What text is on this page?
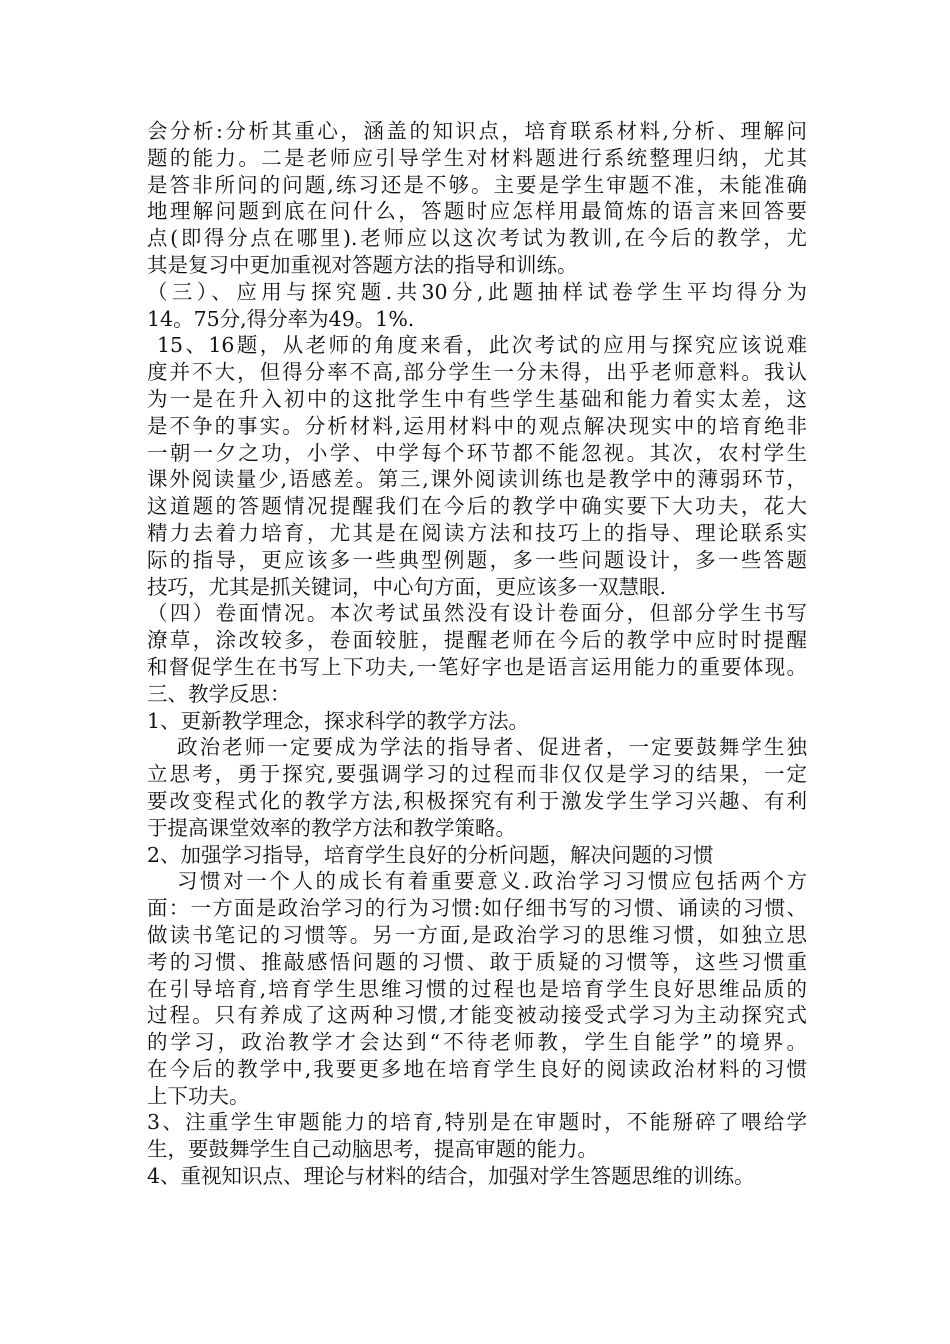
会分析:分析其重心，涵盖的知识点，培育联系材料,分析、理解问
题的能力。二是老师应引导学生对材料题进行系统整理归纳，尤其
是答非所问的问题,练习还是不够。主要是学生审题不准，未能准确
地理解问题到底在问什么，答题时应怎样用最简炼的语言来回答要
点(即得分点在哪里).老师应以这次考试为教训,在今后的教学，尤
其是复习中更加重视对答题方法的指导和训练。
（三）、应用与探究题.共30分,此题抽样试卷学生平均得分为
14。75分,得分率为49。1%.
15、16题，从老师的角度来看，此次考试的应用与探究应该说难
度并不大，但得分率不高,部分学生一分未得，出乎老师意料。我认
为一是在升入初中的这批学生中有些学生基础和能力着实太差，这
是不争的事实。分析材料,运用材料中的观点解决现实中的培育绝非
一朝一夕之功，小学、中学每个环节都不能忽视。其次，农村学生
课外阅读量少,语感差。第三,课外阅读训练也是教学中的薄弱环节，
这道题的答题情况提醒我们在今后的教学中确实要下大功夫，花大
精力去着力培育，尤其是在阅读方法和技巧上的指导、理论联系实
际的指导，更应该多一些典型例题，多一些问题设计，多一些答题
技巧，尤其是抓关键词，中心句方面，更应该多一双慧眼.
（四）卷面情况。本次考试虽然没有设计卷面分，但部分学生书写
潦草，涂改较多，卷面较脏，提醒老师在今后的教学中应时时提醒
和督促学生在书写上下功夫,一笔好字也是语言运用能力的重要体现。
三、教学反思：
1、更新教学理念，探求科学的教学方法。
政治老师一定要成为学法的指导者、促进者，一定要鼓舞学生独
立思考，勇于探究,要强调学习的过程而非仅仅是学习的结果，一定
要改变程式化的教学方法,积极探究有利于激发学生学习兴趣、有利
于提高课堂效率的教学方法和教学策略。
2、加强学习指导，培育学生良好的分析问题，解决问题的习惯
习惯对一个人的成长有着重要意义.政治学习习惯应包括两个方
面：一方面是政治学习的行为习惯:如仔细书写的习惯、诵读的习惯、
做读书笔记的习惯等。另一方面,是政治学习的思维习惯，如独立思
考的习惯、推敲感悟问题的习惯、敢于质疑的习惯等，这些习惯重
在引导培育,培育学生思维习惯的过程也是培育学生良好思维品质的
过程。只有养成了这两种习惯,才能变被动接受式学习为主动探究式
的学习，政治教学才会达到“不待老师教，学生自能学”的境界。
在今后的教学中,我要更多地在培育学生良好的阅读政治材料的习惯
上下功夫。
3、注重学生审题能力的培育,特别是在审题时，不能掰碎了喂给学
生，要鼓舞学生自己动脑思考，提高审题的能力。
4、重视知识点、理论与材料的结合，加强对学生答题思维的训练。
